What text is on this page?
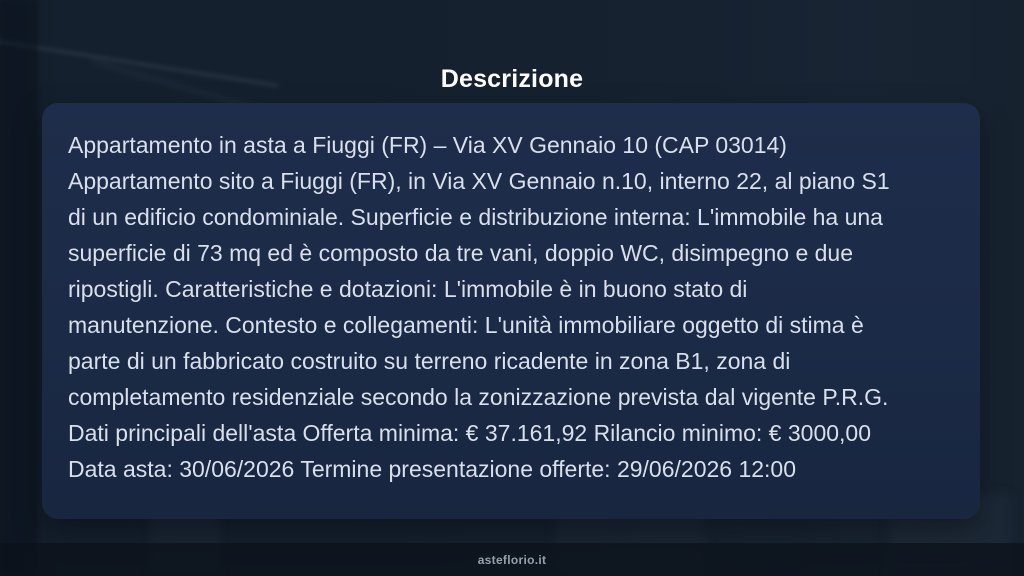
Descrizione
Appartamento in asta a Fiuggi (FR) – Via XV Gennaio 10 (CAP 03014)
Appartamento sito a Fiuggi (FR), in Via XV Gennaio n.10, interno 22, al piano S1
di un edificio condominiale. Superficie e distribuzione interna: L'immobile ha una
superficie di 73 mq ed è composto da tre vani, doppio WC, disimpegno e due
ripostigli. Caratteristiche e dotazioni: L'immobile è in buono stato di
manutenzione. Contesto e collegamenti: L'unità immobiliare oggetto di stima è
parte di un fabbricato costruito su terreno ricadente in zona B1, zona di
completamento residenziale secondo la zonizzazione prevista dal vigente P.R.G.
Dati principali dell'asta Offerta minima: € 37.161,92 Rilancio minimo: € 3000,00
Data asta: 30/06/2026 Termine presentazione offerte: 29/06/2026 12:00
asteflorio.it
